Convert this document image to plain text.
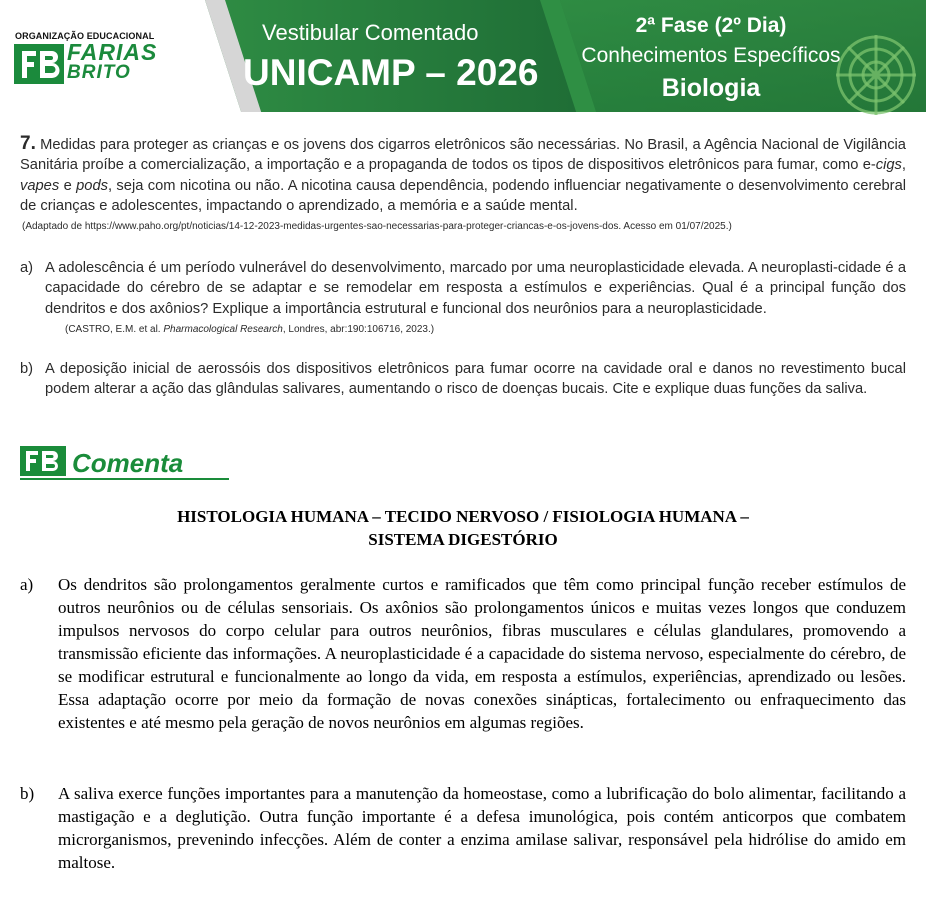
ORGANIZAÇÃO EDUCACIONAL
FARIAS
BRITO
Vestibular Comentado
UNICAMP – 2026
2ª Fase (2º Dia)
Conhecimentos Específicos
Biologia
7. Medidas para proteger as crianças e os jovens dos cigarros eletrônicos são necessárias. No Brasil, a Agência Nacional de Vigilância Sanitária proíbe a comercialização, a importação e a propaganda de todos os tipos de dispositivos eletrônicos para fumar, como e-cigs, vapes e pods, seja com nicotina ou não. A nicotina causa dependência, podendo influenciar negativamente o desenvolvimento cerebral de crianças e adolescentes, impactando o aprendizado, a memória e a saúde mental.
(Adaptado de https://www.paho.org/pt/noticias/14-12-2023-medidas-urgentes-sao-necessarias-para-proteger-criancas-e-os-jovens-dos. Acesso em 01/07/2025.)
a) A adolescência é um período vulnerável do desenvolvimento, marcado por uma neuroplasticidade elevada. A neuroplasti-cidade é a capacidade do cérebro de se adaptar e se remodelar em resposta a estímulos e experiências. Qual é a principal função dos dendritos e dos axônios? Explique a importância estrutural e funcional dos neurônios para a neuroplasticidade.
(CASTRO, E.M. et al. Pharmacological Research, Londres, abr:190:106716, 2023.)
b) A deposição inicial de aerossóis dos dispositivos eletrônicos para fumar ocorre na cavidade oral e danos no revestimento bucal podem alterar a ação das glândulas salivares, aumentando o risco de doenças bucais. Cite e explique duas funções da saliva.
Comenta
HISTOLOGIA HUMANA – TECIDO NERVOSO / FISIOLOGIA HUMANA –
SISTEMA DIGESTÓRIO
a) Os dendritos são prolongamentos geralmente curtos e ramificados que têm como principal função receber estímulos de outros neurônios ou de células sensoriais. Os axônios são prolongamentos únicos e muitas vezes longos que conduzem impulsos nervosos do corpo celular para outros neurônios, fibras musculares e células glandulares, promovendo a transmissão eficiente das informações. A neuroplasticidade é a capacidade do sistema nervoso, especialmente do cérebro, de se modificar estrutural e funcionalmente ao longo da vida, em resposta a estímulos, experiências, aprendizado ou lesões. Essa adaptação ocorre por meio da formação de novas conexões sinápticas, fortalecimento ou enfraquecimento das existentes e até mesmo pela geração de novos neurônios em algumas regiões.
b) A saliva exerce funções importantes para a manutenção da homeostase, como a lubrificação do bolo alimentar, facilitando a mastigação e a deglutição. Outra função importante é a defesa imunológica, pois contém anticorpos que combatem microrganismos, prevenindo infecções. Além de conter a enzima amilase salivar, responsável pela hidrólise do amido em maltose.
